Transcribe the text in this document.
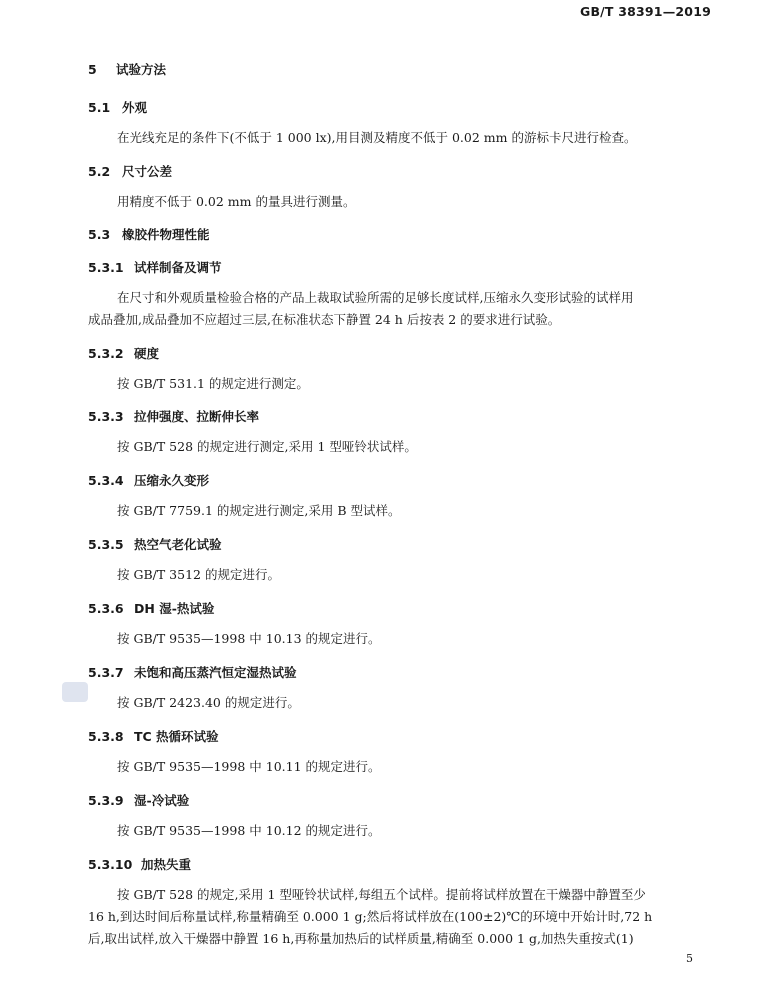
GB/T 38391—2019
5 试验方法
5.1 外观
在光线充足的条件下(不低于 1 000 lx),用目测及精度不低于 0.02 mm 的游标卡尺进行检查。
5.2 尺寸公差
用精度不低于 0.02 mm 的量具进行测量。
5.3 橡胶件物理性能
5.3.1 试样制备及调节
在尺寸和外观质量检验合格的产品上裁取试验所需的足够长度试样,压缩永久变形试验的试样用
成品叠加,成品叠加不应超过三层,在标准状态下静置 24 h 后按表 2 的要求进行试验。
5.3.2 硬度
按 GB/T 531.1 的规定进行测定。
5.3.3 拉伸强度、拉断伸长率
按 GB/T 528 的规定进行测定,采用 1 型哑铃状试样。
5.3.4 压缩永久变形
按 GB/T 7759.1 的规定进行测定,采用 B 型试样。
5.3.5 热空气老化试验
按 GB/T 3512 的规定进行。
5.3.6 DH 湿-热试验
按 GB/T 9535—1998 中 10.13 的规定进行。
5.3.7 未饱和高压蒸汽恒定湿热试验
按 GB/T 2423.40 的规定进行。
5.3.8 TC 热循环试验
按 GB/T 9535—1998 中 10.11 的规定进行。
5.3.9 湿-冷试验
按 GB/T 9535—1998 中 10.12 的规定进行。
5.3.10 加热失重
按 GB/T 528 的规定,采用 1 型哑铃状试样,每组五个试样。提前将试样放置在干燥器中静置至少
16 h,到达时间后称量试样,称量精确至 0.000 1 g;然后将试样放在(100±2)℃的环境中开始计时,72 h
后,取出试样,放入干燥器中静置 16 h,再称量加热后的试样质量,精确至 0.000 1 g,加热失重按式(1)
5
